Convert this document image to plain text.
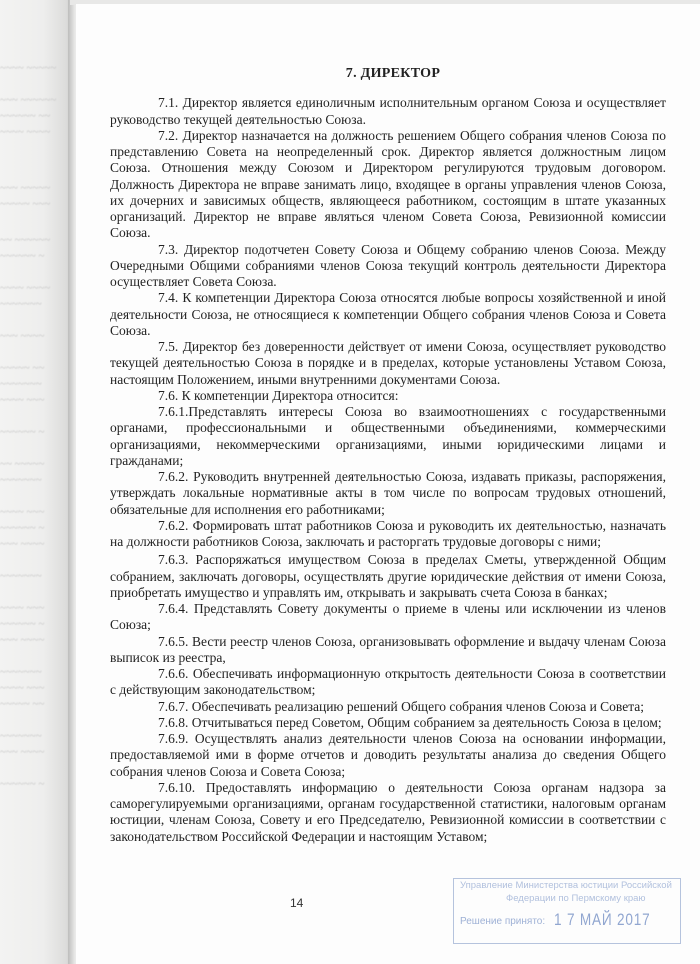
~~~~ ~~~~~
~~~ ~~~~~~
~~~~~~ ~~
~~~~ ~~~~
~~~ ~~~~~
~~~~~ ~~~
~~ ~~~~~~
~~~~~~ ~
~~~~ ~~~~
~~~~~~~
~~~ ~~~~
~~~~~ ~~
~~~~~~~
~~~~ ~~~
~~~~~~ ~
~~ ~~~~~
~~~~~~~
~~~~ ~~~
~~~~~~ ~
~~~ ~~~~
~~~~~~~
~~~~ ~~~
~~~~~~ ~
~~~ ~~~~
~~~~~~~
~~~~ ~~~
~~~~~ ~~
~~~~~~~
~~~ ~~~~
~~~~~~ ~
7. ДИРЕКТОР

7.1. Директор является единоличным исполнительным органом Союза и осуществляет руководство текущей деятельностью Союза.

7.2. Директор назначается на должность решением Общего собрания членов Союза по представлению Совета на неопределенный срок. Директор является должностным лицом Союза. Отношения между Союзом и Директором регулируются трудовым договором. Должность Директора не вправе занимать лицо, входящее в органы управления членов Союза, их дочерних и зависимых обществ, являющееся работником, состоящим в штате указанных организаций. Директор не вправе являться членом Совета Союза, Ревизионной комиссии Союза.

7.3. Директор подотчетен Совету Союза и Общему собранию членов Союза. Между Очередными Общими собраниями членов Союза текущий контроль деятельности Директора осуществляет Совета Союза.

7.4. К компетенции Директора Союза относятся любые вопросы хозяйственной и иной деятельности Союза, не относящиеся к компетенции Общего собрания членов Союза и Совета Союза.

7.5. Директор без доверенности действует от имени Союза, осуществляет руководство текущей деятельностью Союза в порядке и в пределах, которые установлены Уставом Союза, настоящим Положением, иными внутренними документами Союза.

7.6. К компетенции Директора относится:

7.6.1.Представлять интересы Союза во взаимоотношениях с государственными органами, профессиональными и общественными объединениями, коммерческими организациями, некоммерческими организациями, иными юридическими лицами и гражданами;

7.6.2. Руководить внутренней деятельностью Союза, издавать приказы, распоряжения, утверждать локальные нормативные акты в том числе по вопросам трудовых отношений, обязательные для исполнения его работниками;

7.6.2. Формировать штат работников Союза и руководить их деятельностью, назначать на должности работников Союза, заключать и расторгать трудовые договоры с ними;

7.6.3. Распоряжаться имуществом Союза в пределах Сметы, утвержденной Общим собранием, заключать договоры, осуществлять другие юридические действия от имени Союза, приобретать имущество и управлять им, открывать и закрывать счета Союза в банках;

7.6.4. Представлять Совету документы о приеме в члены или исключении из членов Союза;

7.6.5. Вести реестр членов Союза, организовывать оформление и выдачу членам Союза выписок из реестра,

7.6.6. Обеспечивать информационную открытость деятельности Союза в соответствии с действующим законодательством;

7.6.7. Обеспечивать реализацию решений Общего собрания членов Союза и Совета;

7.6.8. Отчитываться перед Советом, Общим собранием за деятельность Союза в целом;

7.6.9. Осуществлять анализ деятельности членов Союза на основании информации, предоставляемой ими в форме отчетов и доводить результаты анализа до сведения Общего собрания членов Союза и Совета Союза;

7.6.10. Предоставлять информацию о деятельности Союза органам надзора за саморегулируемыми организациями, органам государственной статистики, налоговым органам юстиции, членам Союза, Совету и его Председателю, Ревизионной комиссии в соответствии с законодательством Российской Федерации и настоящим Уставом;

14
Управление Министерства юстиции Российской
Федерации по Пермскому краю
Решение принято: 1 7 МАЙ 2017
